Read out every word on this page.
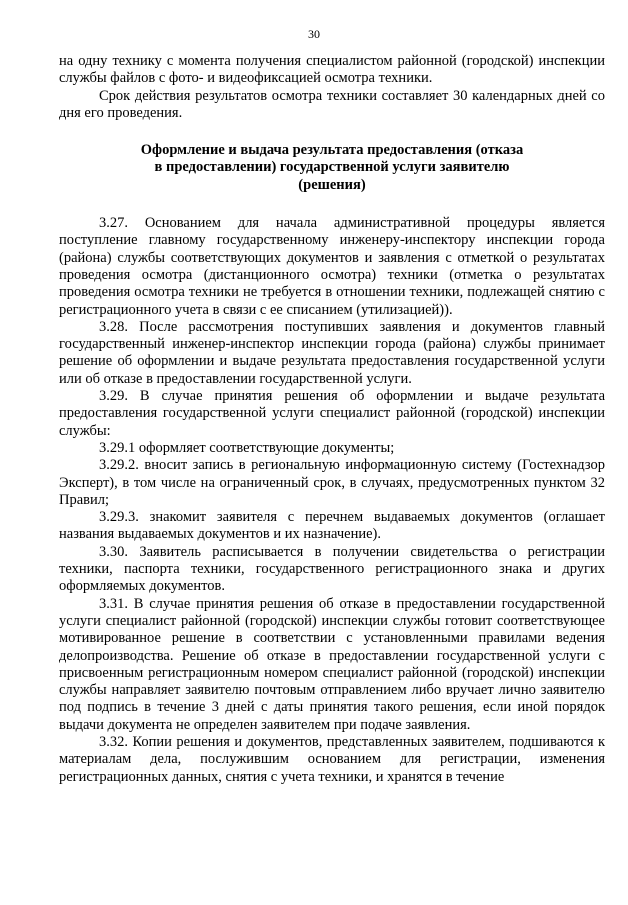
30

на одну технику с момента получения специалистом районной (городской) инспекции службы файлов с фото- и видеофиксацией осмотра техники.

Срок действия результатов осмотра техники составляет 30 календарных дней со дня его проведения.

Оформление и выдача результата предоставления (отказа
в предоставлении) государственной услуги заявителю
(решения)

3.27. Основанием для начала административной процедуры является поступление главному государственному инженеру-инспектору инспекции города (района) службы соответствующих документов и заявления с отметкой о результатах проведения осмотра (дистанционного осмотра) техники (отметка о результатах проведения осмотра техники не требуется в отношении техники, подлежащей снятию с регистрационного учета в связи с ее списанием (утилизацией)).

3.28. После рассмотрения поступивших заявления и документов главный государственный инженер-инспектор инспекции города (района) службы принимает решение об оформлении и выдаче результата предоставления государственной услуги или об отказе в предоставлении государственной услуги.

3.29. В случае принятия решения об оформлении и выдаче результата предоставления государственной услуги специалист районной (городской) инспекции службы:

3.29.1 оформляет соответствующие документы;

3.29.2. вносит запись в региональную информационную систему (Гостехнадзор Эксперт), в том числе на ограниченный срок, в случаях, предусмотренных пунктом 32 Правил;

3.29.3. знакомит заявителя с перечнем выдаваемых документов (оглашает названия выдаваемых документов и их назначение).

3.30. Заявитель расписывается в получении свидетельства о регистрации техники, паспорта техники, государственного регистрационного знака и других оформляемых документов.

3.31. В случае принятия решения об отказе в предоставлении государственной услуги специалист районной (городской) инспекции службы готовит соответствующее мотивированное решение в соответствии с установленными правилами ведения делопроизводства. Решение об отказе в предоставлении государственной услуги с присвоенным регистрационным номером специалист районной (городской) инспекции службы направляет заявителю почтовым отправлением либо вручает лично заявителю под подпись в течение 3 дней с даты принятия такого решения, если иной порядок выдачи документа не определен заявителем при подаче заявления.

3.32. Копии решения и документов, представленных заявителем, подшиваются к материалам дела, послужившим основанием для регистрации, изменения регистрационных данных, снятия с учета техники, и хранятся в течение
